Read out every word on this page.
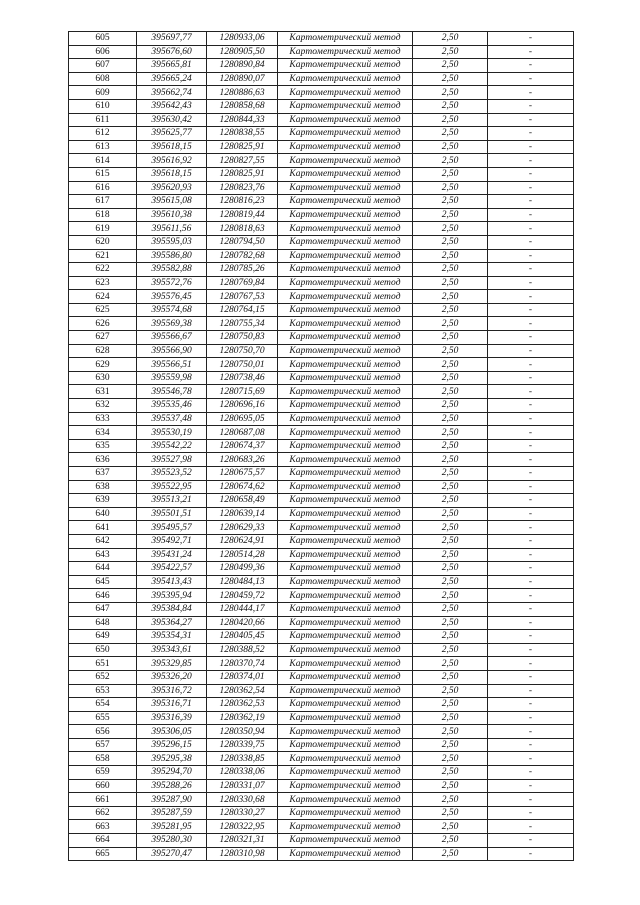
605	395697,77	1280933,06	Картометрический метод	2,50	-
606	395676,60	1280905,50	Картометрический метод	2,50	-
607	395665,81	1280890,84	Картометрический метод	2,50	-
608	395665,24	1280890,07	Картометрический метод	2,50	-
609	395662,74	1280886,63	Картометрический метод	2,50	-
610	395642,43	1280858,68	Картометрический метод	2,50	-
611	395630,42	1280844,33	Картометрический метод	2,50	-
612	395625,77	1280838,55	Картометрический метод	2,50	-
613	395618,15	1280825,91	Картометрический метод	2,50	-
614	395616,92	1280827,55	Картометрический метод	2,50	-
615	395618,15	1280825,91	Картометрический метод	2,50	-
616	395620,93	1280823,76	Картометрический метод	2,50	-
617	395615,08	1280816,23	Картометрический метод	2,50	-
618	395610,38	1280819,44	Картометрический метод	2,50	-
619	395611,56	1280818,63	Картометрический метод	2,50	-
620	395595,03	1280794,50	Картометрический метод	2,50	-
621	395586,80	1280782,68	Картометрический метод	2,50	-
622	395582,88	1280785,26	Картометрический метод	2,50	-
623	395572,76	1280769,84	Картометрический метод	2,50	-
624	395576,45	1280767,53	Картометрический метод	2,50	-
625	395574,68	1280764,15	Картометрический метод	2,50	-
626	395569,38	1280755,34	Картометрический метод	2,50	-
627	395566,67	1280750,83	Картометрический метод	2,50	-
628	395566,90	1280750,70	Картометрический метод	2,50	-
629	395566,51	1280750,01	Картометрический метод	2,50	-
630	395559,98	1280738,46	Картометрический метод	2,50	-
631	395546,78	1280715,69	Картометрический метод	2,50	-
632	395535,46	1280696,16	Картометрический метод	2,50	-
633	395537,48	1280695,05	Картометрический метод	2,50	-
634	395530,19	1280687,08	Картометрический метод	2,50	-
635	395542,22	1280674,37	Картометрический метод	2,50	-
636	395527,98	1280683,26	Картометрический метод	2,50	-
637	395523,52	1280675,57	Картометрический метод	2,50	-
638	395522,95	1280674,62	Картометрический метод	2,50	-
639	395513,21	1280658,49	Картометрический метод	2,50	-
640	395501,51	1280639,14	Картометрический метод	2,50	-
641	395495,57	1280629,33	Картометрический метод	2,50	-
642	395492,71	1280624,91	Картометрический метод	2,50	-
643	395431,24	1280514,28	Картометрический метод	2,50	-
644	395422,57	1280499,36	Картометрический метод	2,50	-
645	395413,43	1280484,13	Картометрический метод	2,50	-
646	395395,94	1280459,72	Картометрический метод	2,50	-
647	395384,84	1280444,17	Картометрический метод	2,50	-
648	395364,27	1280420,66	Картометрический метод	2,50	-
649	395354,31	1280405,45	Картометрический метод	2,50	-
650	395343,61	1280388,52	Картометрический метод	2,50	-
651	395329,85	1280370,74	Картометрический метод	2,50	-
652	395326,20	1280374,01	Картометрический метод	2,50	-
653	395316,72	1280362,54	Картометрический метод	2,50	-
654	395316,71	1280362,53	Картометрический метод	2,50	-
655	395316,39	1280362,19	Картометрический метод	2,50	-
656	395306,05	1280350,94	Картометрический метод	2,50	-
657	395296,15	1280339,75	Картометрический метод	2,50	-
658	395295,38	1280338,85	Картометрический метод	2,50	-
659	395294,70	1280338,06	Картометрический метод	2,50	-
660	395288,26	1280331,07	Картометрический метод	2,50	-
661	395287,90	1280330,68	Картометрический метод	2,50	-
662	395287,59	1280330,27	Картометрический метод	2,50	-
663	395281,95	1280322,95	Картометрический метод	2,50	-
664	395280,30	1280321,31	Картометрический метод	2,50	-
665	395270,47	1280310,98	Картометрический метод	2,50	-
